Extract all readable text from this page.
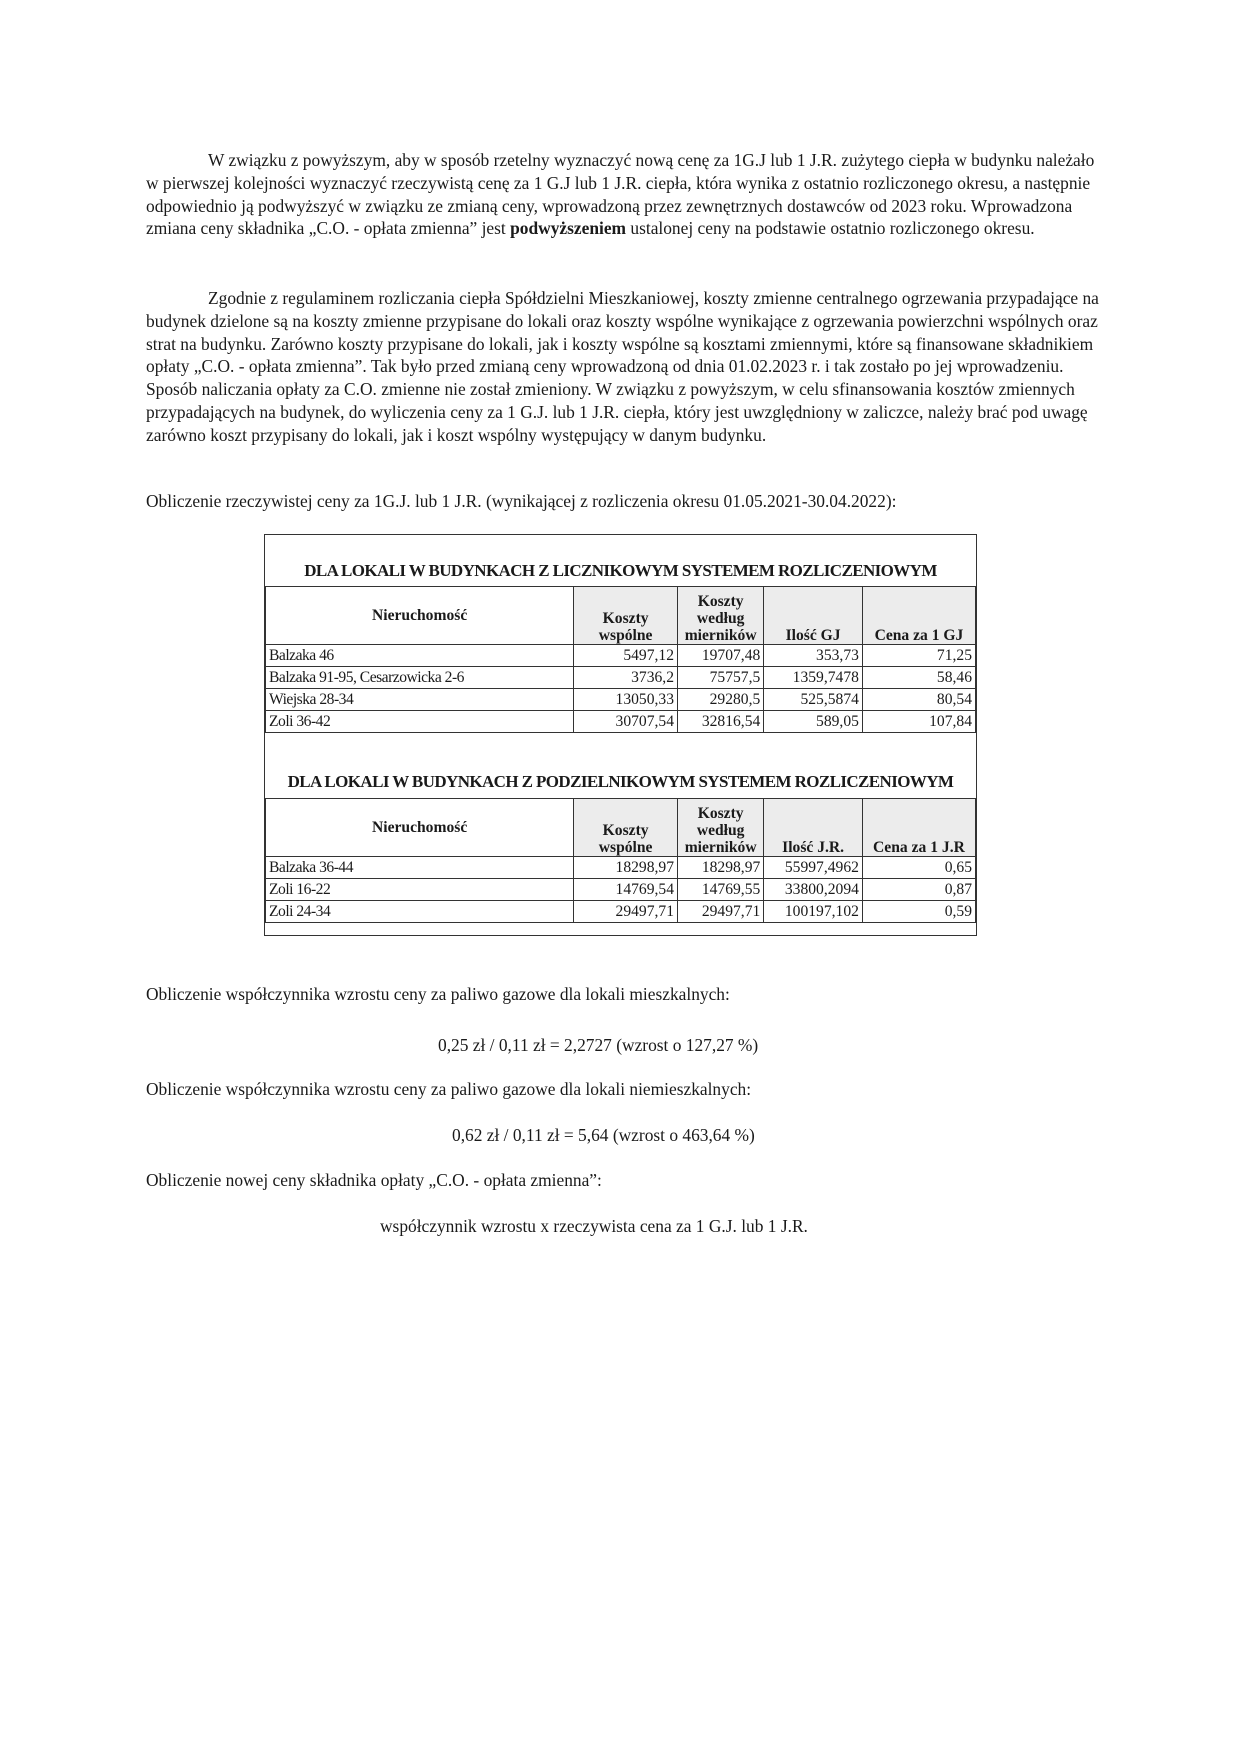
W związku z powyższym, aby w sposób rzetelny wyznaczyć nową cenę za 1G.J lub 1 J.R. zużytego ciepła w budynku należało w pierwszej kolejności wyznaczyć rzeczywistą cenę za 1 G.J lub 1 J.R. ciepła, która wynika z ostatnio rozliczonego okresu, a następnie odpowiednio ją podwyższyć w związku ze zmianą ceny, wprowadzoną przez zewnętrznych dostawców od 2023 roku. Wprowadzona zmiana ceny składnika „C.O. - opłata zmienna” jest podwyższeniem ustalonej ceny na podstawie ostatnio rozliczonego okresu.

Zgodnie z regulaminem rozliczania ciepła Spółdzielni Mieszkaniowej, koszty zmienne centralnego ogrzewania przypadające na budynek dzielone są na koszty zmienne przypisane do lokali oraz koszty wspólne wynikające z ogrzewania powierzchni wspólnych oraz strat na budynku. Zarówno koszty przypisane do lokali, jak i koszty wspólne są kosztami zmiennymi, które są finansowane składnikiem opłaty „C.O. - opłata zmienna”. Tak było przed zmianą ceny wprowadzoną od dnia 01.02.2023 r. i tak zostało po jej wprowadzeniu. Sposób naliczania opłaty za C.O. zmienne nie został zmieniony. W związku z powyższym, w celu sfinansowania kosztów zmiennych przypadających na budynek, do wyliczenia ceny za 1 G.J. lub 1 J.R. ciepła, który jest uwzględniony w zaliczce, należy brać pod uwagę zarówno koszt przypisany do lokali, jak i koszt wspólny występujący w danym budynku.

Obliczenie rzeczywistej ceny za 1G.J. lub 1 J.R. (wynikającej z rozliczenia okresu 01.05.2021-30.04.2022):

DLA LOKALI W BUDYNKACH Z LICZNIKOWYM SYSTEMEM ROZLICZENIOWYM
Nieruchomość	Koszty wspólne	Koszty według mierników	Ilość GJ	Cena za 1 GJ
Balzaka 46	5497,12	19707,48	353,73	71,25
Balzaka 91-95, Cesarzowicka 2-6	3736,2	75757,5	1359,7478	58,46
Wiejska 28-34	13050,33	29280,5	525,5874	80,54
Zoli 36-42	30707,54	32816,54	589,05	107,84
DLA LOKALI W BUDYNKACH Z PODZIELNIKOWYM SYSTEMEM ROZLICZENIOWYM
Nieruchomość	Koszty wspólne	Koszty według mierników	Ilość J.R.	Cena za 1 J.R
Balzaka 36-44	18298,97	18298,97	55997,4962	0,65
Zoli 16-22	14769,54	14769,55	33800,2094	0,87
Zoli 24-34	29497,71	29497,71	100197,102	0,59

Obliczenie współczynnika wzrostu ceny za paliwo gazowe dla lokali mieszkalnych:

0,25 zł / 0,11 zł = 2,2727 (wzrost o 127,27 %)

Obliczenie współczynnika wzrostu ceny za paliwo gazowe dla lokali niemieszkalnych:

0,62 zł / 0,11 zł = 5,64 (wzrost o 463,64 %)

Obliczenie nowej ceny składnika opłaty „C.O. - opłata zmienna”:

współczynnik wzrostu x rzeczywista cena za 1 G.J. lub 1 J.R.
